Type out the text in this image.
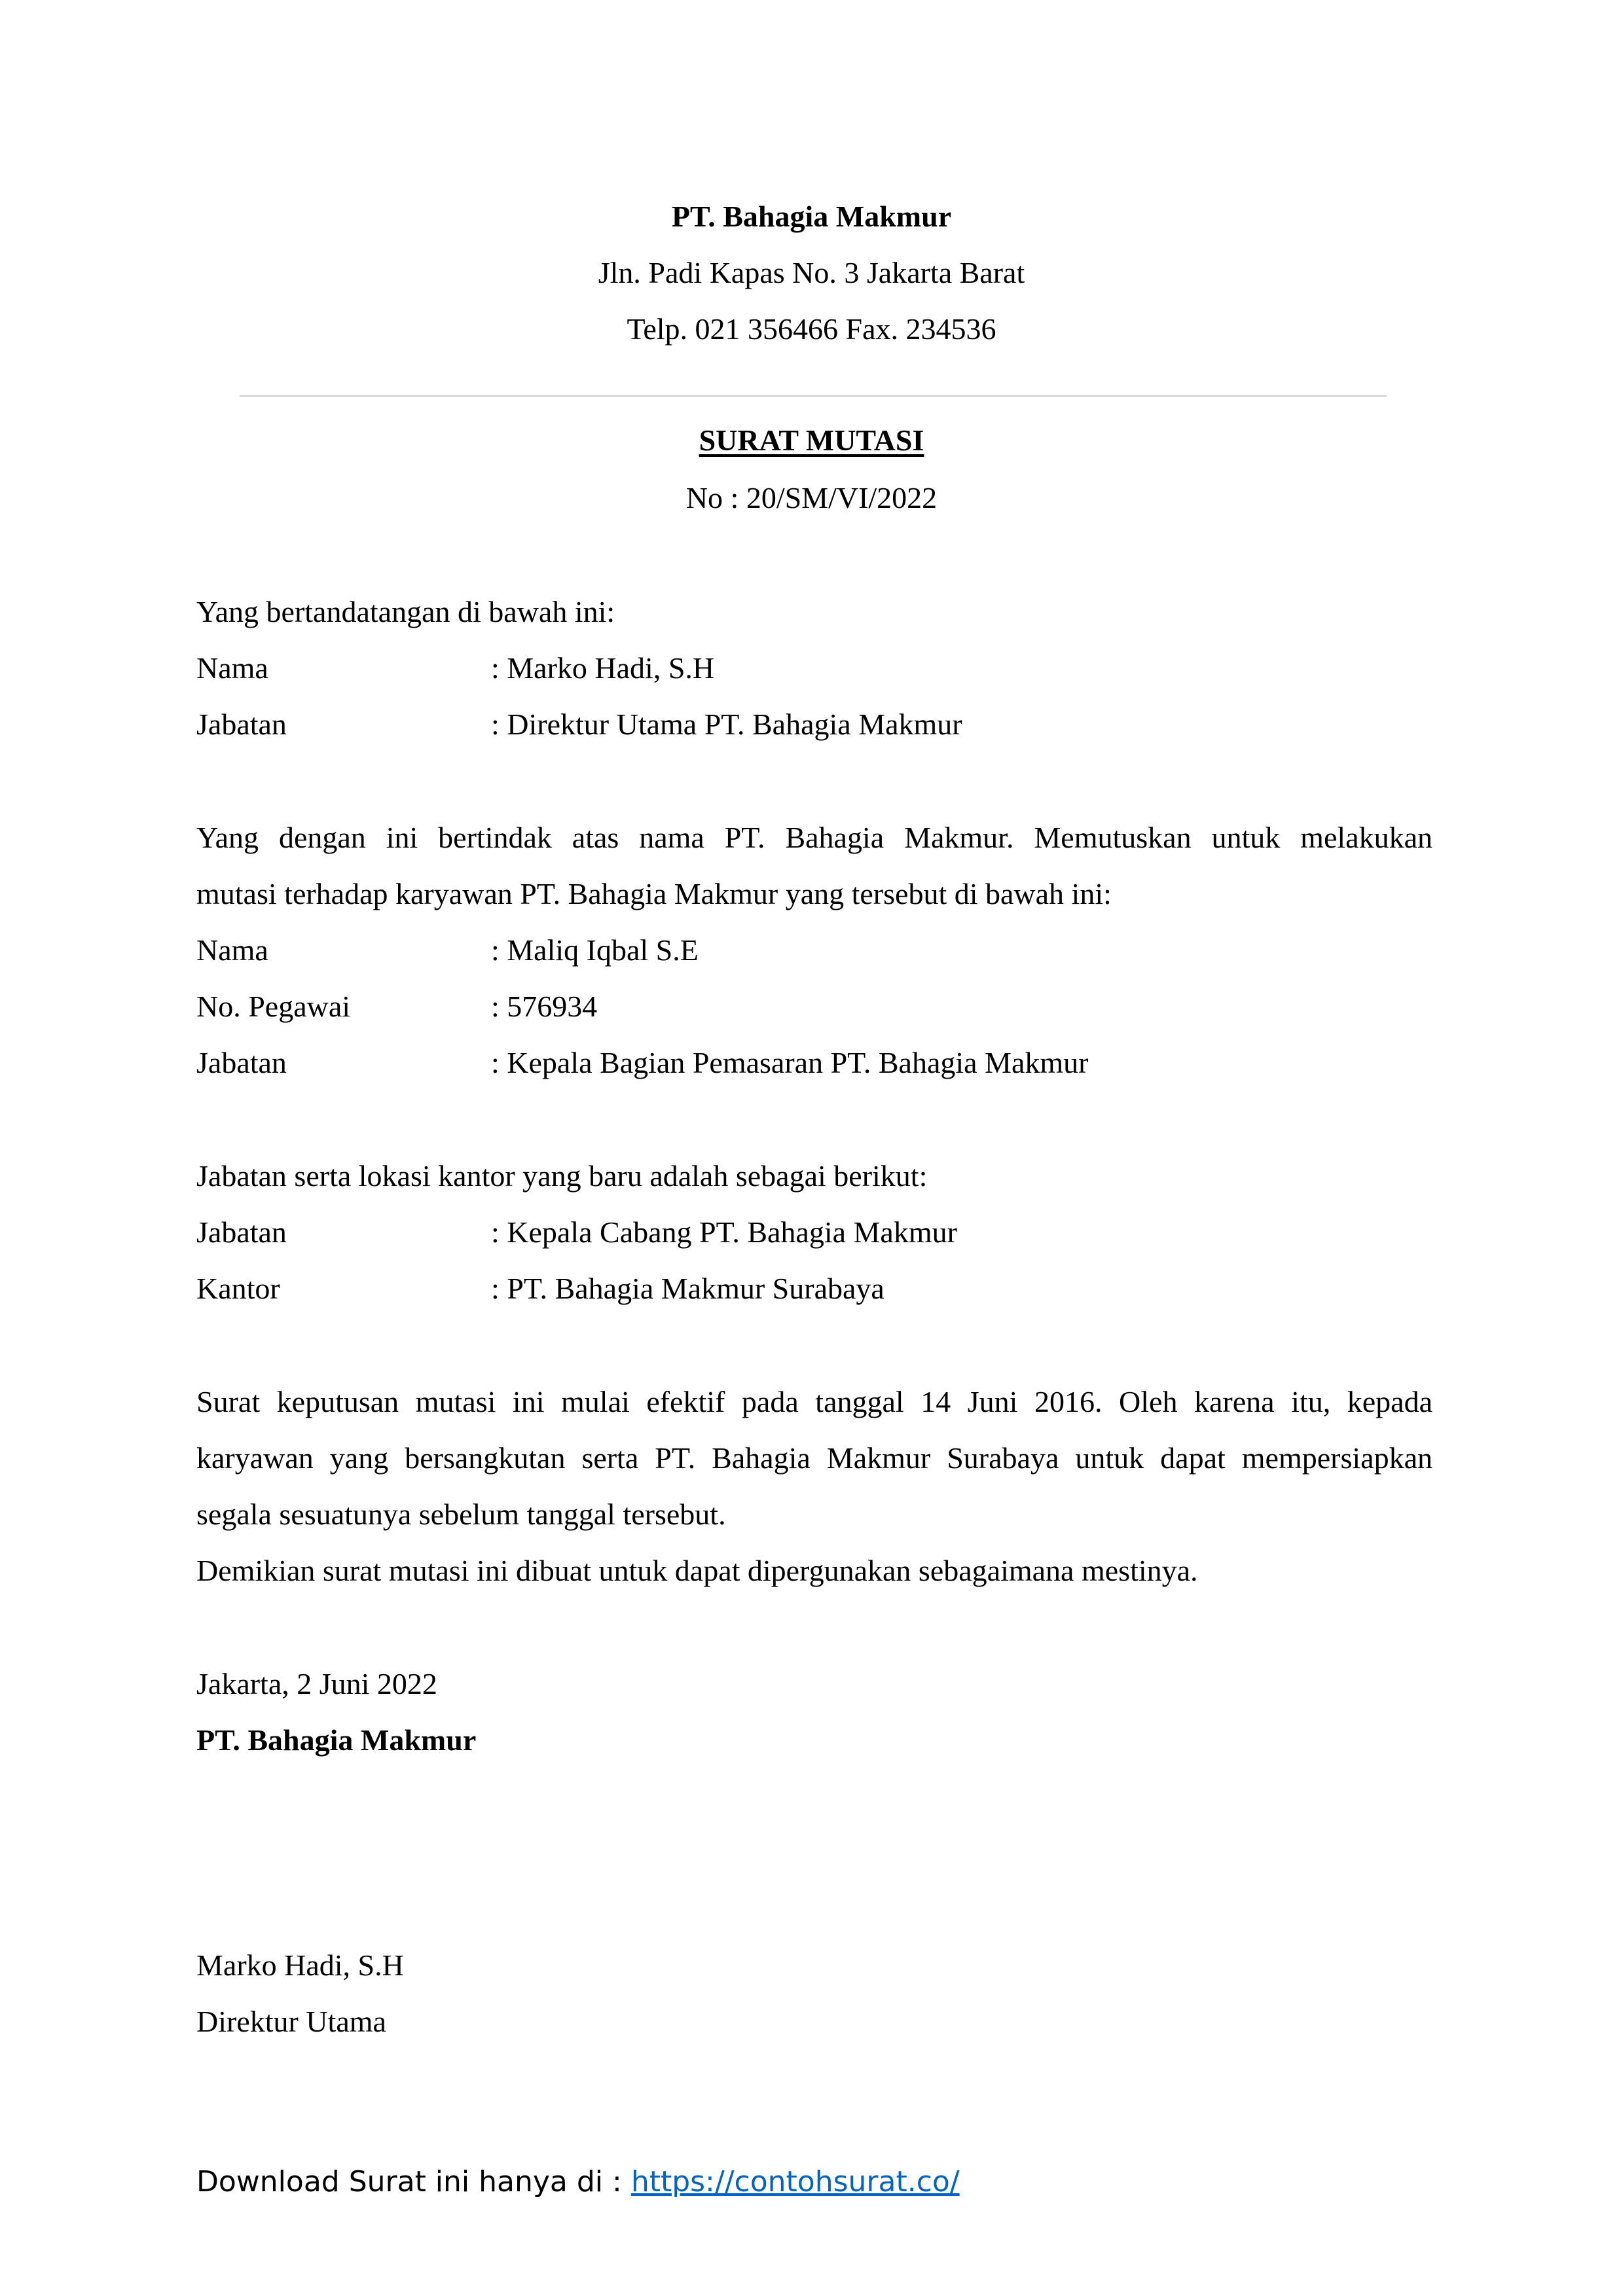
PT. Bahagia Makmur
Jln. Padi Kapas No. 3 Jakarta Barat
Telp. 021 356466 Fax. 234536
SURAT MUTASI
No : 20/SM/VI/2022
Yang bertandatangan di bawah ini:
Nama	: Marko Hadi, S.H
Jabatan	: Direktur Utama PT. Bahagia Makmur
Yang dengan ini bertindak atas nama PT. Bahagia Makmur. Memutuskan untuk melakukan
mutasi terhadap karyawan PT. Bahagia Makmur yang tersebut di bawah ini:
Nama	: Maliq Iqbal S.E
No. Pegawai	: 576934
Jabatan	: Kepala Bagian Pemasaran PT. Bahagia Makmur
Jabatan serta lokasi kantor yang baru adalah sebagai berikut:
Jabatan	: Kepala Cabang PT. Bahagia Makmur
Kantor	: PT. Bahagia Makmur Surabaya
Surat keputusan mutasi ini mulai efektif pada tanggal 14 Juni 2016. Oleh karena itu, kepada
karyawan yang bersangkutan serta PT. Bahagia Makmur Surabaya untuk dapat mempersiapkan
segala sesuatunya sebelum tanggal tersebut.
Demikian surat mutasi ini dibuat untuk dapat dipergunakan sebagaimana mestinya.
Jakarta, 2 Juni 2022
PT. Bahagia Makmur
Marko Hadi, S.H
Direktur Utama
Download Surat ini hanya di : https://contohsurat.co/
